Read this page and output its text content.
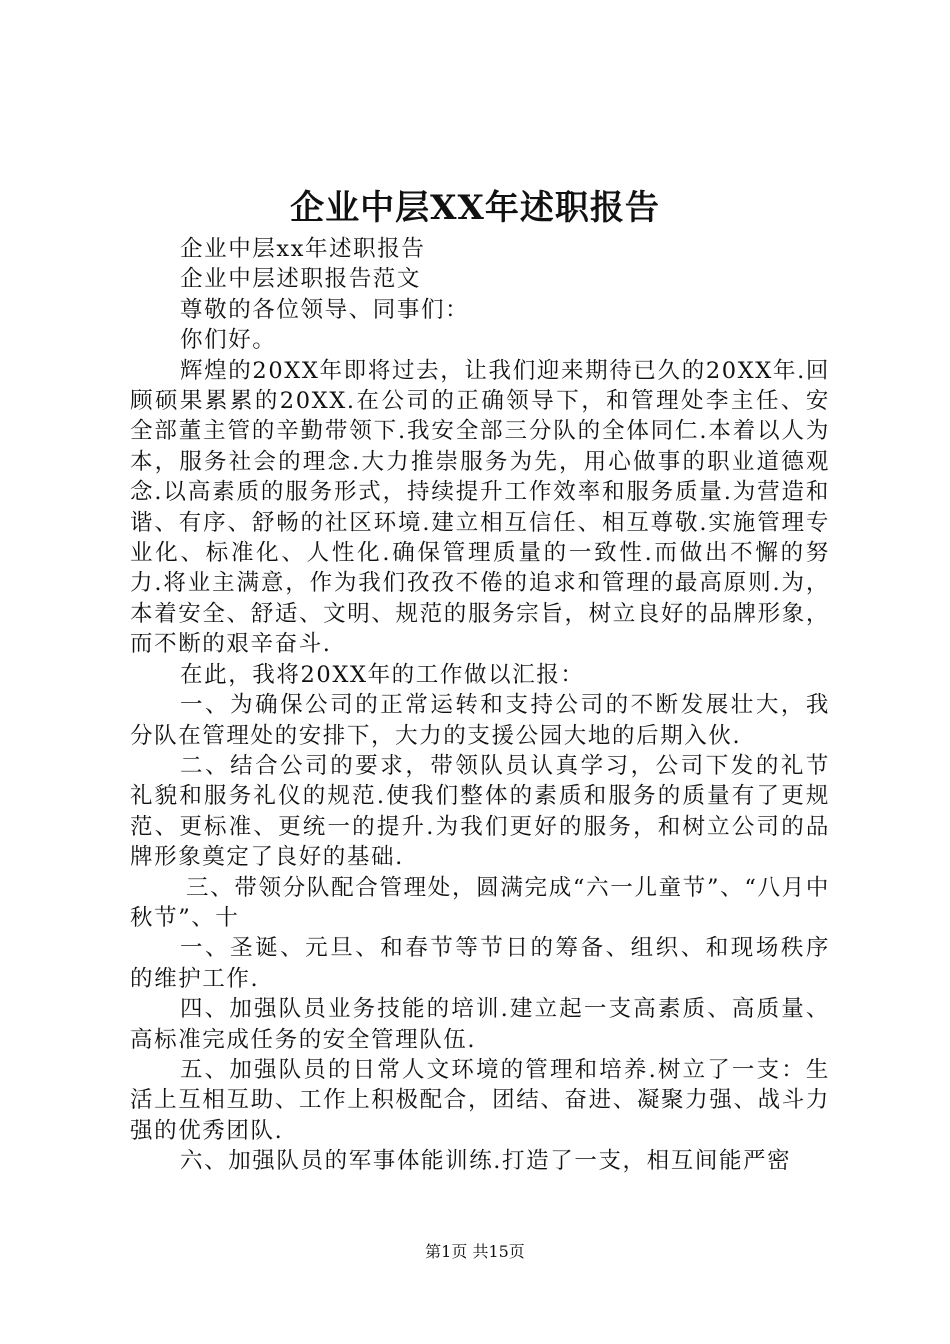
企业中层XX年述职报告

企业中层xx年述职报告

企业中层述职报告范文

尊敬的各位领导、同事们：

你们好。

辉煌的20XX年即将过去，让我们迎来期待已久的20XX年.回顾硕果累累的20XX.在公司的正确领导下，和管理处李主任、安全部董主管的辛勤带领下.我安全部三分队的全体同仁.本着以人为本，服务社会的理念.大力推崇服务为先，用心做事的职业道德观念.以高素质的服务形式，持续提升工作效率和服务质量.为营造和谐、有序、舒畅的社区环境.建立相互信任、相互尊敬.实施管理专业化、标准化、人性化.确保管理质量的一致性.而做出不懈的努力.将业主满意，作为我们孜孜不倦的追求和管理的最高原则.为，本着安全、舒适、文明、规范的服务宗旨，树立良好的品牌形象，而不断的艰辛奋斗.

在此，我将20XX年的工作做以汇报：

一、为确保公司的正常运转和支持公司的不断发展壮大，我分队在管理处的安排下，大力的支援公园大地的后期入伙.

二、结合公司的要求，带领队员认真学习，公司下发的礼节礼貌和服务礼仪的规范.使我们整体的素质和服务的质量有了更规范、更标准、更统一的提升.为我们更好的服务，和树立公司的品牌形象奠定了良好的基础.

三、带领分队配合管理处，圆满完成“六一儿童节”、“八月中秋节”、十

一、圣诞、元旦、和春节等节日的筹备、组织、和现场秩序的维护工作.

四、加强队员业务技能的培训.建立起一支高素质、高质量、高标准完成任务的安全管理队伍.

五、加强队员的日常人文环境的管理和培养.树立了一支：生活上互相互助、工作上积极配合，团结、奋进、凝聚力强、战斗力强的优秀团队.

六、加强队员的军事体能训练.打造了一支，相互间能严密

第1页 共15页
